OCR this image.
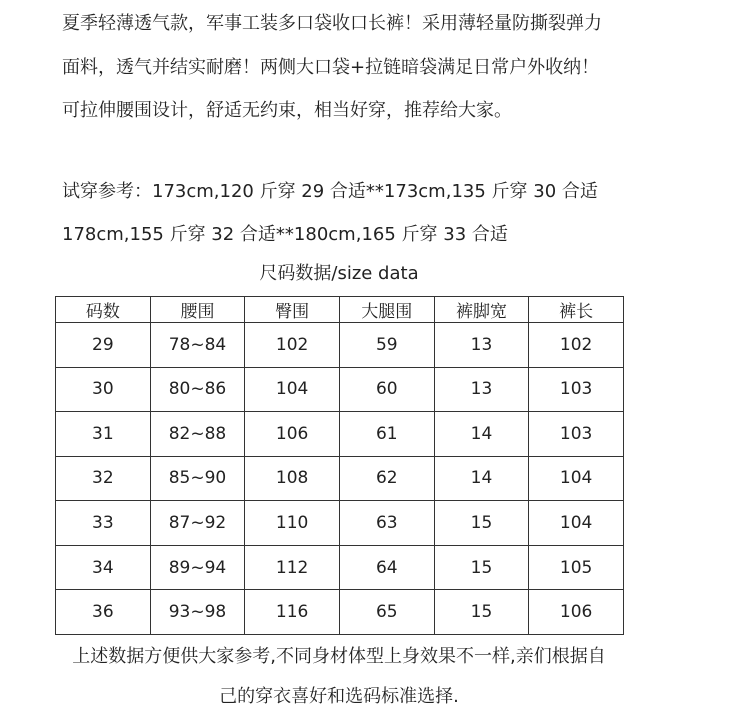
夏季轻薄透气款，军事工装多口袋收口长裤！采用薄轻量防撕裂弹力
面料，透气并结实耐磨！两侧大口袋+拉链暗袋满足日常户外收纳！
可拉伸腰围设计，舒适无约束，相当好穿，推荐给大家。
试穿参考：173cm,120 斤穿 29 合适**173cm,135 斤穿 30 合适
178cm,155 斤穿 32 合适**180cm,165 斤穿 33 合适
尺码数据/size data
码数	腰围	臀围	大腿围	裤脚宽	裤长
29	78~84	102	59	13	102
30	80~86	104	60	13	103
31	82~88	106	61	14	103
32	85~90	108	62	14	104
33	87~92	110	63	15	104
34	89~94	112	64	15	105
36	93~98	116	65	15	106
上述数据方便供大家参考,不同身材体型上身效果不一样,亲们根据自
己的穿衣喜好和选码标准选择.
